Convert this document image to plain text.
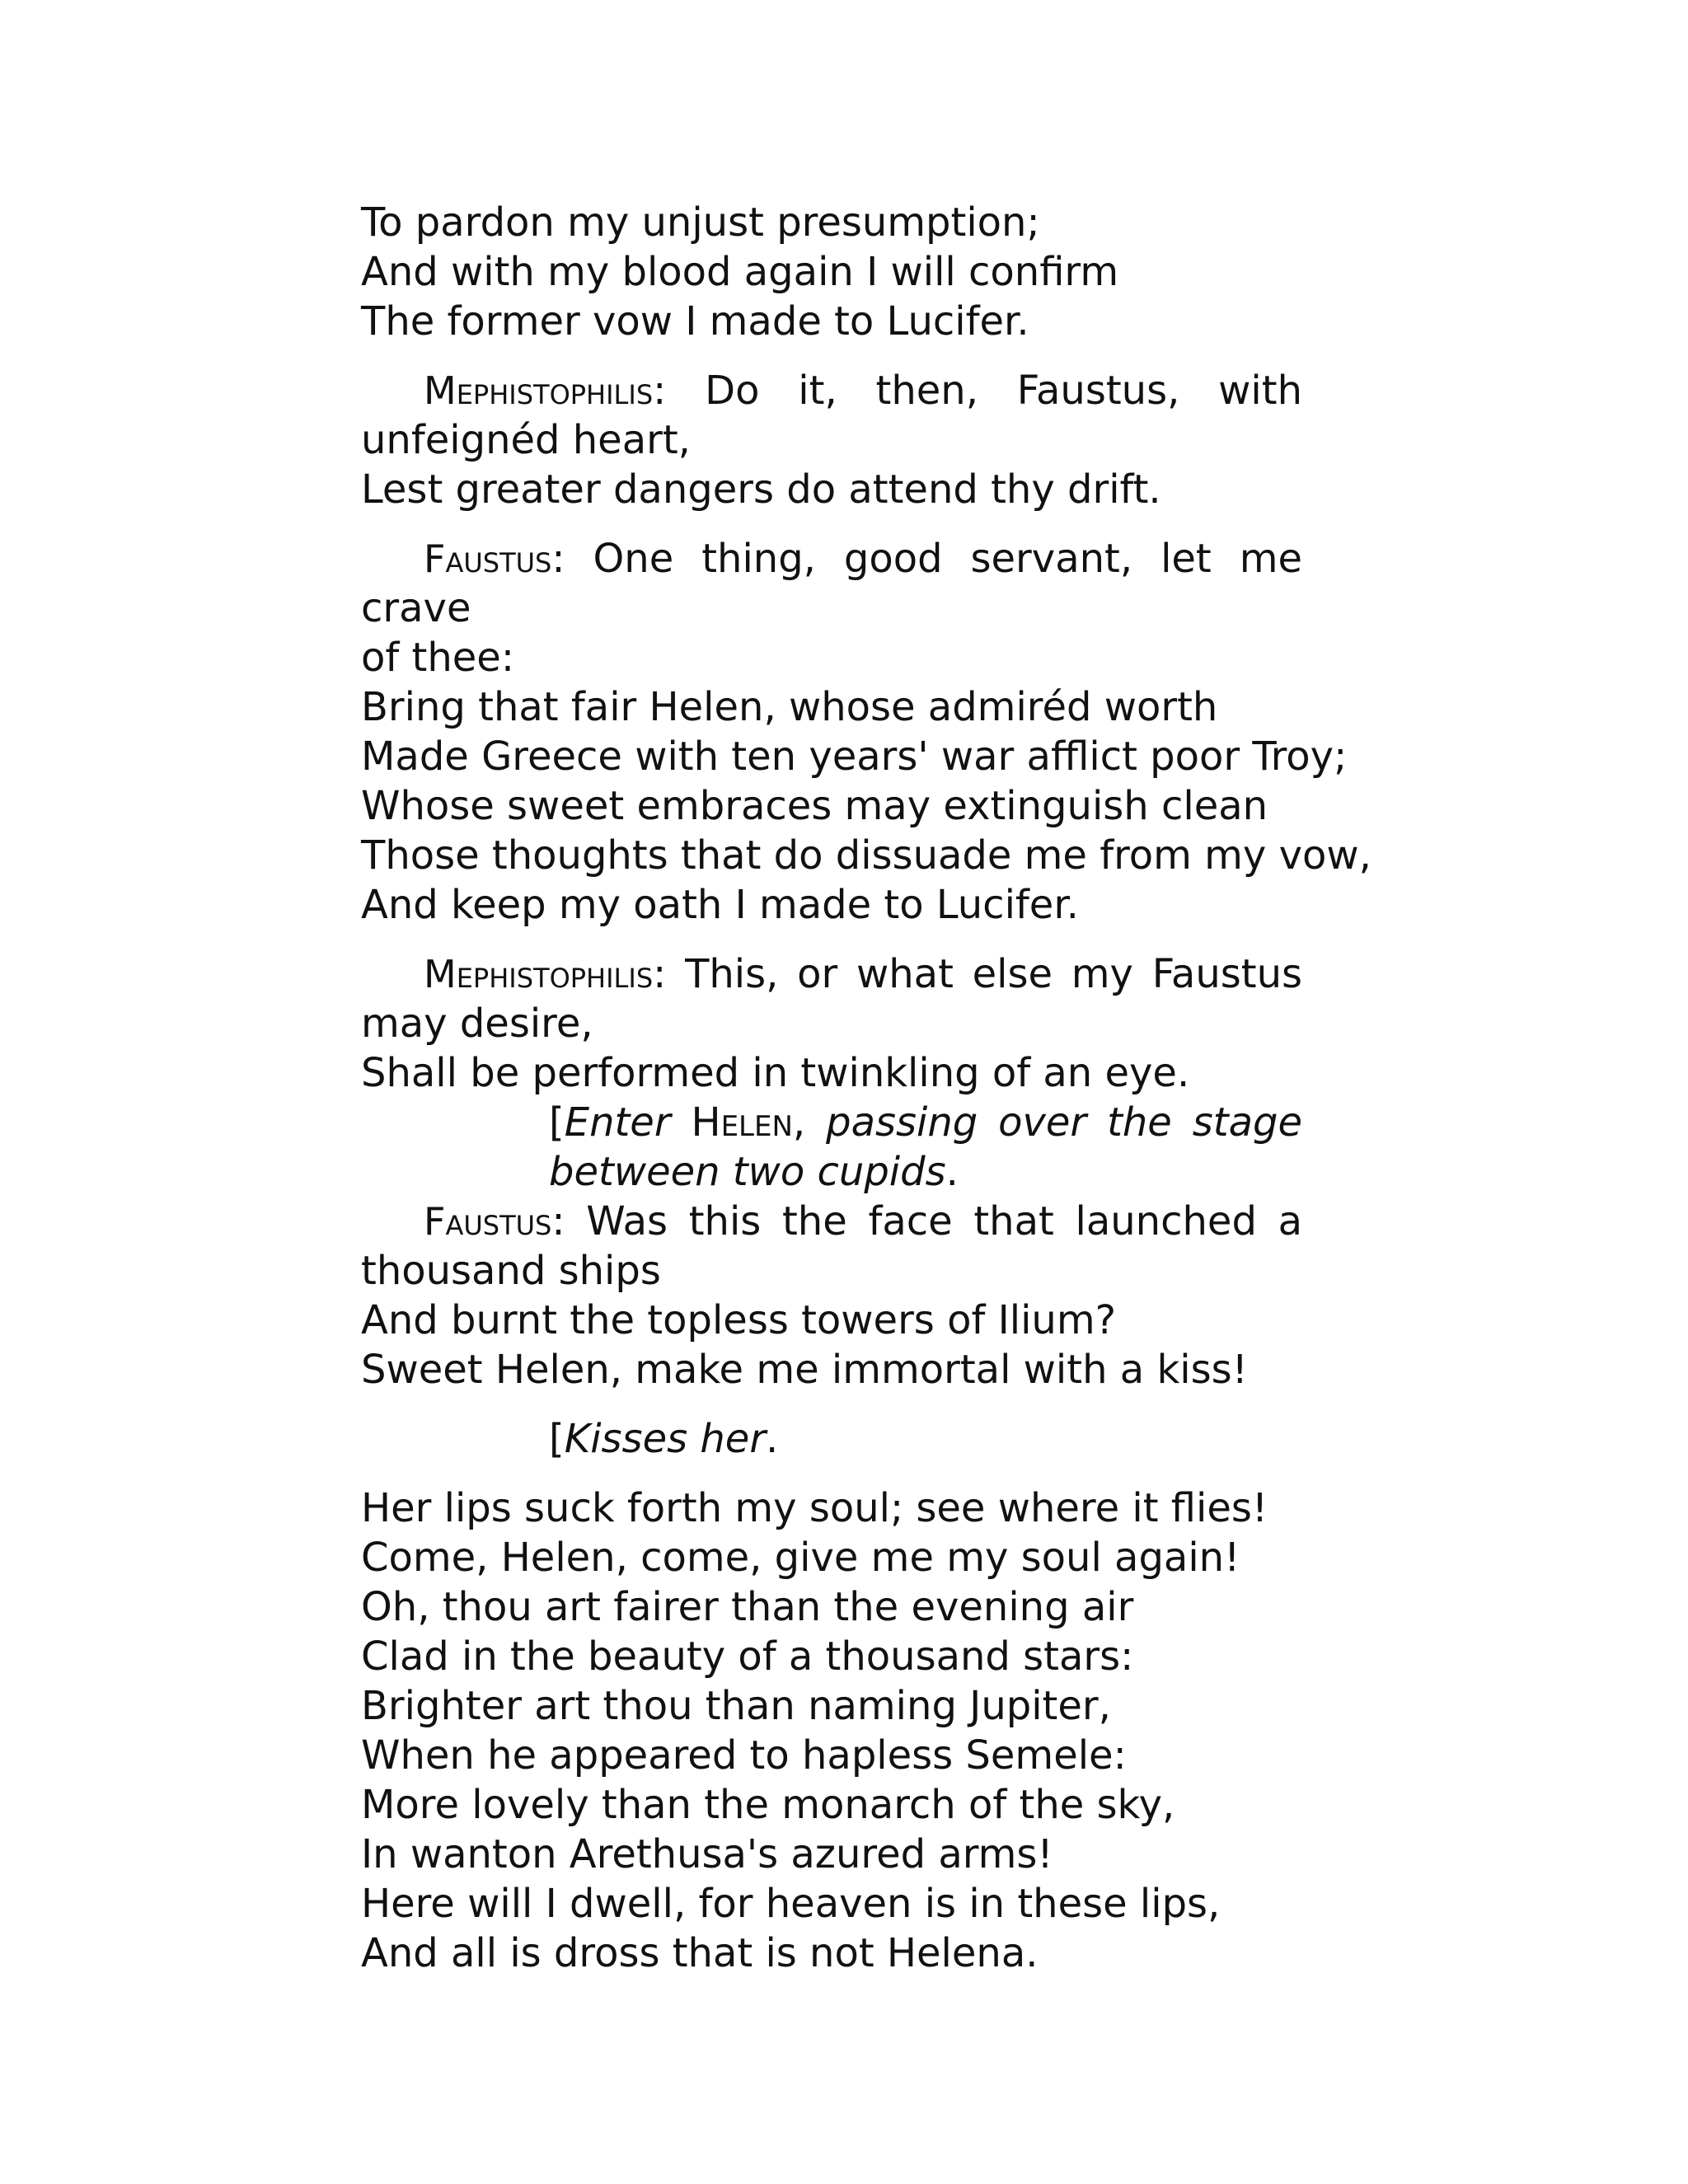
To pardon my unjust presumption;
And with my blood again I will confirm
The former vow I made to Lucifer.
Mephistophilis: Do it, then, Faustus, with
unfeignéd heart,
Lest greater dangers do attend thy drift.
Faustus: One thing, good servant, let me crave
of thee:
Bring that fair Helen, whose admiréd worth
Made Greece with ten years' war afflict poor Troy;
Whose sweet embraces may extinguish clean
Those thoughts that do dissuade me from my vow,
And keep my oath I made to Lucifer.
Mephistophilis: This, or what else my Faustus
may desire,
Shall be performed in twinkling of an eye.
[Enter Helen, passing over the stage
between two cupids.
Faustus: Was this the face that launched a
thousand ships
And burnt the topless towers of Ilium?
Sweet Helen, make me immortal with a kiss!
[Kisses her.
Her lips suck forth my soul; see where it flies!
Come, Helen, come, give me my soul again!
Oh, thou art fairer than the evening air
Clad in the beauty of a thousand stars:
Brighter art thou than naming Jupiter,
When he appeared to hapless Semele:
More lovely than the monarch of the sky,
In wanton Arethusa's azured arms!
Here will I dwell, for heaven is in these lips,
And all is dross that is not Helena.
